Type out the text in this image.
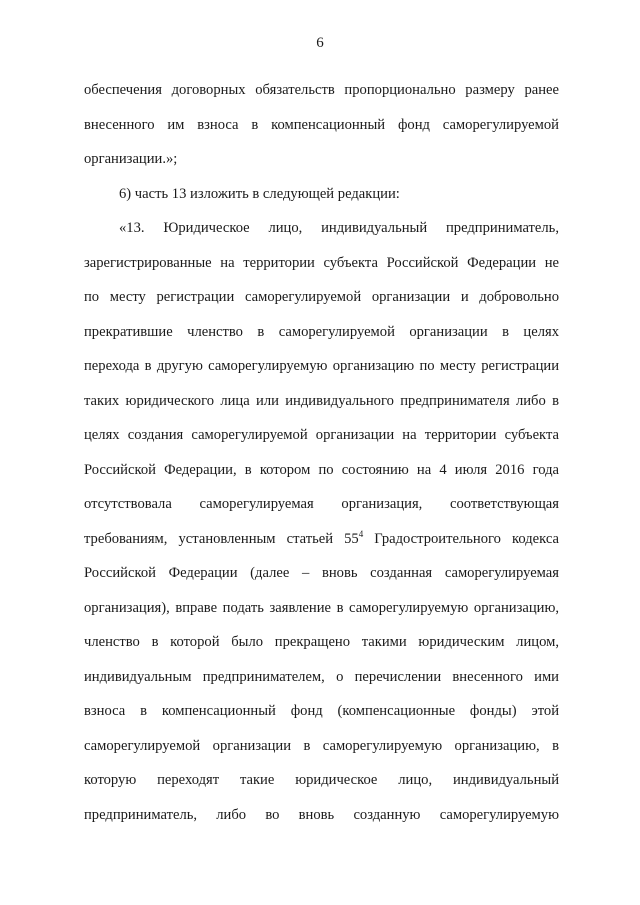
6
обеспечения договорных обязательств пропорционально размеру ранее
внесенного им взноса в компенсационный фонд саморегулируемой
организации.»;
6) часть 13 изложить в следующей редакции:
«13. Юридическое лицо, индивидуальный предприниматель,
зарегистрированные на территории субъекта Российской Федерации не
по месту регистрации саморегулируемой организации и добровольно
прекратившие членство в саморегулируемой организации в целях
перехода в другую саморегулируемую организацию по месту регистрации
таких юридического лица или индивидуального предпринимателя либо в
целях создания саморегулируемой организации на территории субъекта
Российской Федерации, в котором по состоянию на 4 июля 2016 года
отсутствовала саморегулируемая организация, соответствующая
требованиям, установленным статьей $55^4$ Градостроительного кодекса
Российской Федерации (далее – вновь созданная саморегулируемая
организация), вправе подать заявление в саморегулируемую организацию,
членство в которой было прекращено такими юридическим лицом,
индивидуальным предпринимателем, о перечислении внесенного ими
взноса в компенсационный фонд (компенсационные фонды) этой
саморегулируемой организации в саморегулируемую организацию, в
которую переходят такие юридическое лицо, индивидуальный
предприниматель, либо во вновь созданную саморегулируемую
